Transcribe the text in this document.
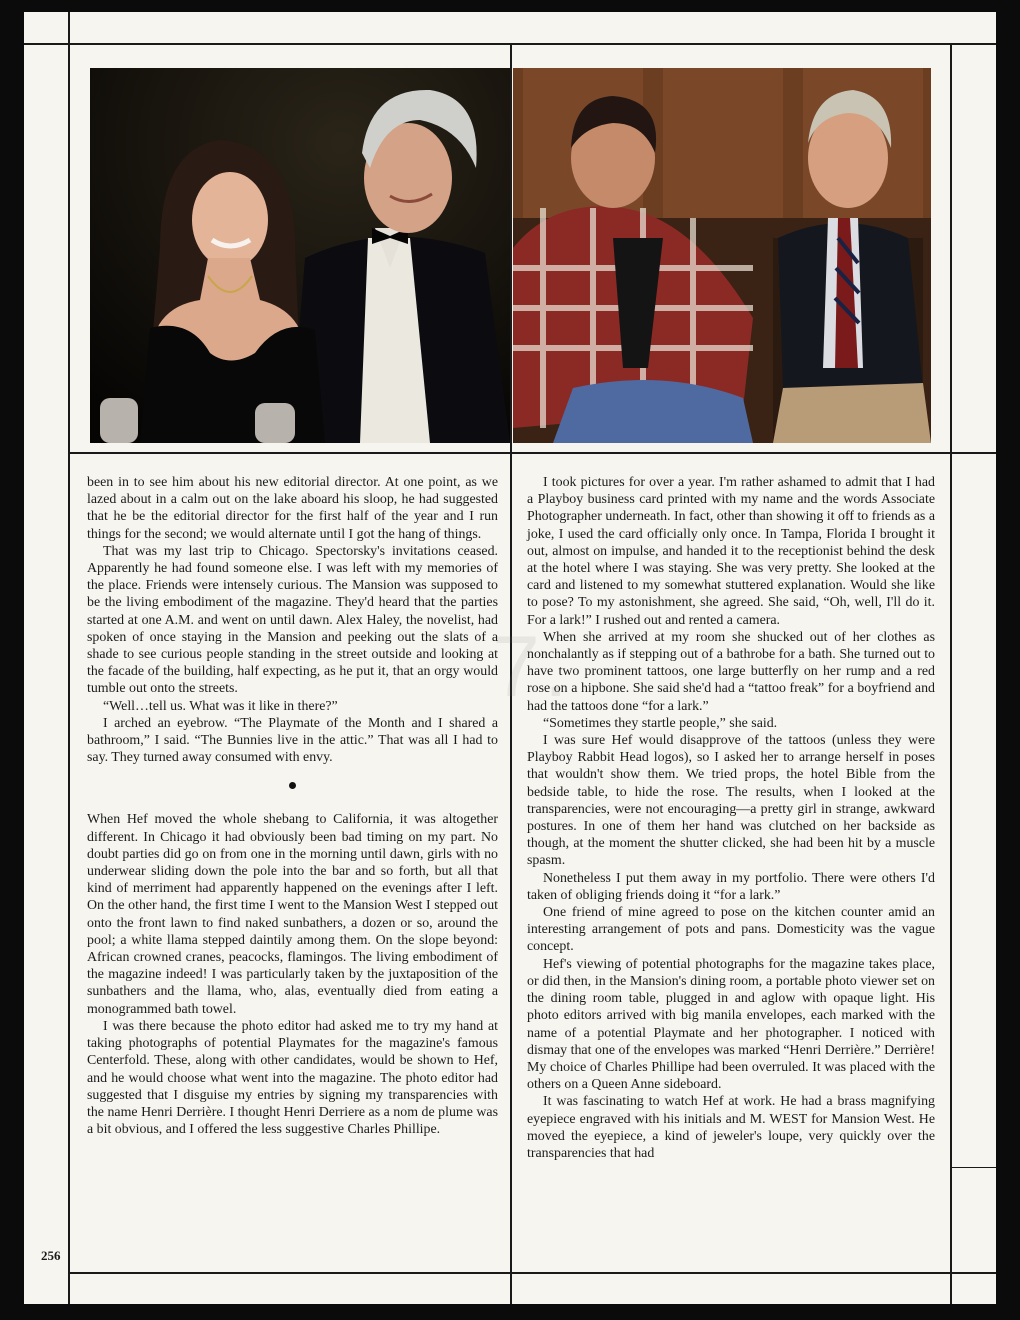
7.

been in to see him about his new editorial director. At one point, as we lazed about in a calm out on the lake aboard his sloop, he had suggested that he be the editorial director for the first half of the year and I run things for the second; we would alternate until I got the hang of things.

That was my last trip to Chicago. Spectorsky's invitations ceased. Apparently he had found someone else. I was left with my memories of the place. Friends were intensely curious. The Mansion was supposed to be the living embodiment of the magazine. They'd heard that the parties started at one A.M. and went on until dawn. Alex Haley, the novelist, had spoken of once staying in the Mansion and peeking out the slats of a shade to see curious people standing in the street outside and looking at the facade of the building, half expecting, as he put it, that an orgy would tumble out onto the streets.

“Well…tell us. What was it like in there?”

I arched an eyebrow. “The Playmate of the Month and I shared a bathroom,” I said. “The Bunnies live in the attic.” That was all I had to say. They turned away consumed with envy.

When Hef moved the whole shebang to California, it was altogether different. In Chicago it had obviously been bad timing on my part. No doubt parties did go on from one in the morning until dawn, girls with no underwear sliding down the pole into the bar and so forth, but all that kind of merriment had apparently happened on the evenings after I left. On the other hand, the first time I went to the Mansion West I stepped out onto the front lawn to find naked sunbathers, a dozen or so, around the pool; a white llama stepped daintily among them. On the slope beyond: African crowned cranes, peacocks, flamingos. The living embodiment of the magazine indeed! I was particularly taken by the juxtaposition of the sunbathers and the llama, who, alas, eventually died from eating a monogrammed bath towel.

I was there because the photo editor had asked me to try my hand at taking photographs of potential Playmates for the magazine's famous Centerfold. These, along with other candidates, would be shown to Hef, and he would choose what went into the magazine. The photo editor had suggested that I disguise my entries by signing my transparencies with the name Henri Derrière. I thought Henri Derriere as a nom de plume was a bit obvious, and I offered the less suggestive Charles Phillipe.

I took pictures for over a year. I'm rather ashamed to admit that I had a Playboy business card printed with my name and the words Associate Photographer underneath. In fact, other than showing it off to friends as a joke, I used the card officially only once. In Tampa, Florida I brought it out, almost on impulse, and handed it to the receptionist behind the desk at the hotel where I was staying. She was very pretty. She looked at the card and listened to my somewhat stuttered explanation. Would she like to pose? To my astonishment, she agreed. She said, “Oh, well, I'll do it. For a lark!” I rushed out and rented a camera.

When she arrived at my room she shucked out of her clothes as nonchalantly as if stepping out of a bathrobe for a bath. She turned out to have two prominent tattoos, one large butterfly on her rump and a red rose on a hipbone. She said she'd had a “tattoo freak” for a boyfriend and had the tattoos done “for a lark.”

“Sometimes they startle people,” she said.

I was sure Hef would disapprove of the tattoos (unless they were Playboy Rabbit Head logos), so I asked her to arrange herself in poses that wouldn't show them. We tried props, the hotel Bible from the bedside table, to hide the rose. The results, when I looked at the transparencies, were not encouraging—a pretty girl in strange, awkward postures. In one of them her hand was clutched on her backside as though, at the moment the shutter clicked, she had been hit by a muscle spasm.

Nonetheless I put them away in my portfolio. There were others I'd taken of obliging friends doing it “for a lark.”

One friend of mine agreed to pose on the kitchen counter amid an interesting arrangement of pots and pans. Domesticity was the vague concept.

Hef's viewing of potential photographs for the magazine takes place, or did then, in the Mansion's dining room, a portable photo viewer set on the dining room table, plugged in and aglow with opaque light. His photo editors arrived with big manila envelopes, each marked with the name of a potential Playmate and her photographer. I noticed with dismay that one of the envelopes was marked “Henri Derrière.” Derrière! My choice of Charles Phillipe had been overruled. It was placed with the others on a Queen Anne sideboard.

It was fascinating to watch Hef at work. He had a brass magnifying eyepiece engraved with his initials and M. WEST for Mansion West. He moved the eyepiece, a kind of jeweler's loupe, very quickly over the transparencies that had

256
